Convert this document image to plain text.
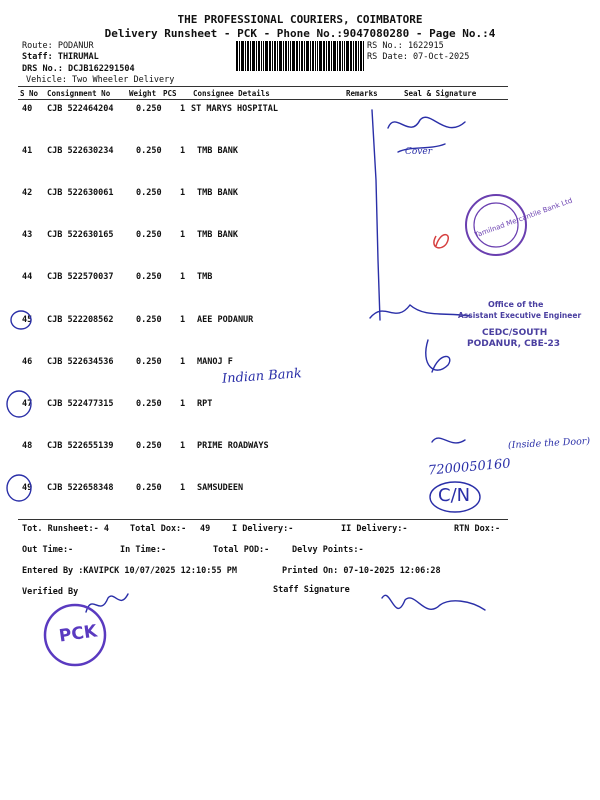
THE PROFESSIONAL COURIERS, COIMBATORE
Delivery Runsheet - PCK - Phone No.:9047080280 - Page No.:4
Route: PODANUR
Staff: THIRUMAL
DRS No.: DCJB162291504
Vehicle: Two Wheeler Delivery
RS No.: 1622915
RS Date: 07-Oct-2025
S No Consignment No	Weight PCS Consignee Details	Remarks	Seal & Signature
40 CJB 522464204	0.250 1 ST MARYS HOSPITAL
41 CJB 522630234	0.250 1 TMB BANK
42 CJB 522630061	0.250 1 TMB BANK
43 CJB 522630165	0.250 1 TMB BANK
44 CJB 522570037	0.250 1 TMB
45 CJB 522208562	0.250 1 AEE PODANUR
46 CJB 522634536	0.250 1 MANOJ F
47 CJB 522477315	0.250 1 RPT
48 CJB 522655139	0.250 1 PRIME ROADWAYS
49 CJB 522658348	0.250 1 SAMSUDEEN
Tot. Runsheet:- 4 Total Dox:- 49	I Delivery:-	II Delivery:-	RTN Dox:-
Out Time:-	In Time:-	Total POD:-	Delvy Points:-
Entered By :KAVIPCK 10/07/2025 12:10:55 PM	Printed On: 07-10-2025 12:06:28
Verified By	Staff Signature
Tamilnad Mercantile Bank Ltd
PCK
Office of the
Assistant Executive Engineer
CEDC/SOUTH
PODANUR, CBE-23
Indian Bank
C/N
(Inside the Door)
7200050160
Cover
